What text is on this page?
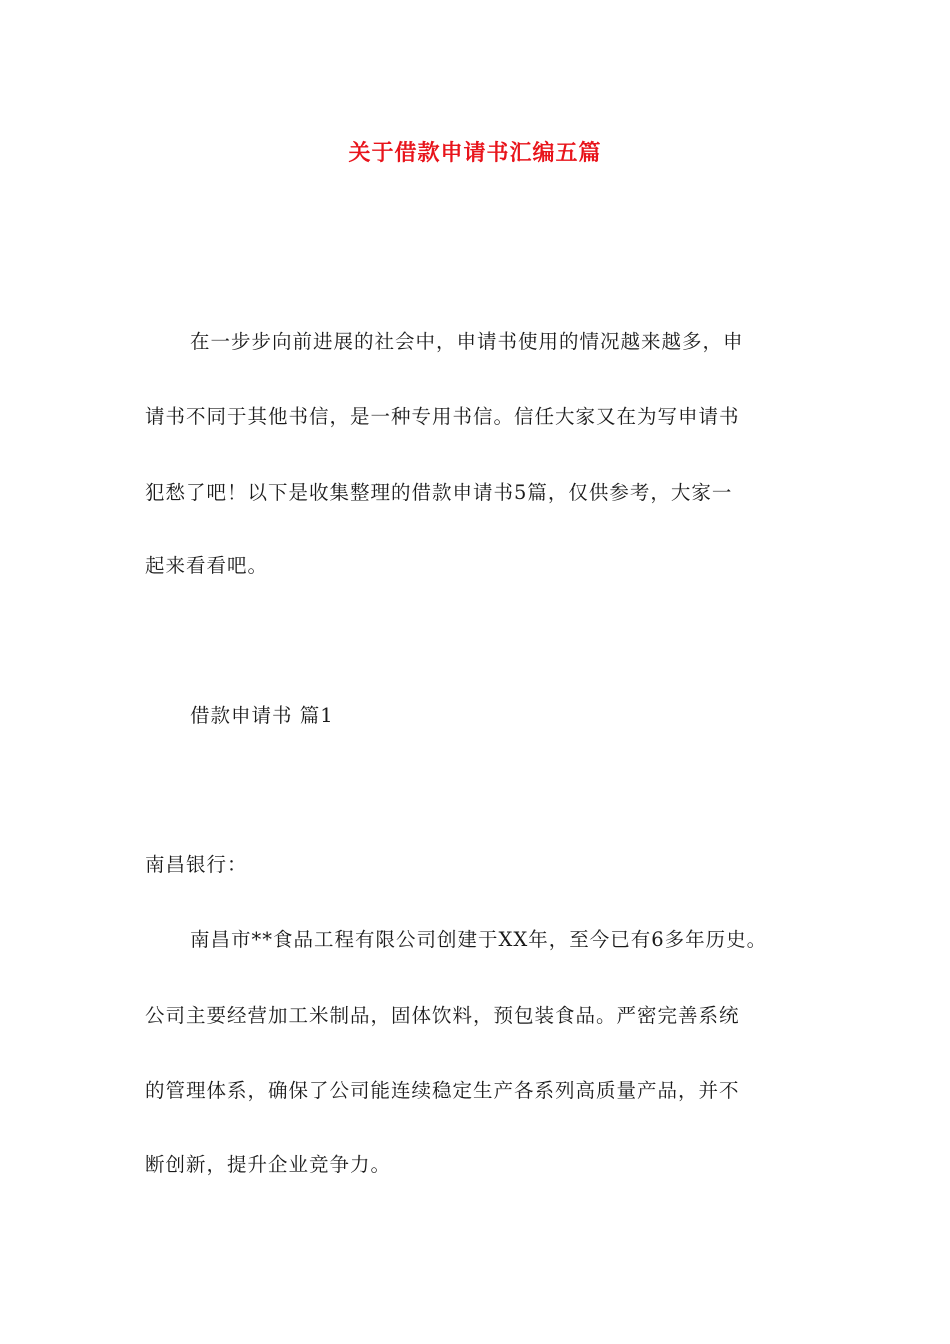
关于借款申请书汇编五篇
在一步步向前进展的社会中，申请书使用的情况越来越多，申
请书不同于其他书信，是一种专用书信。信任大家又在为写申请书
犯愁了吧！以下是收集整理的借款申请书5篇，仅供参考，大家一
起来看看吧。
借款申请书 篇1
南昌银行：
南昌市**食品工程有限公司创建于XX年，至今已有6多年历史。
公司主要经营加工米制品，固体饮料，预包装食品。严密完善系统
的管理体系，确保了公司能连续稳定生产各系列高质量产品，并不
断创新，提升企业竞争力。
